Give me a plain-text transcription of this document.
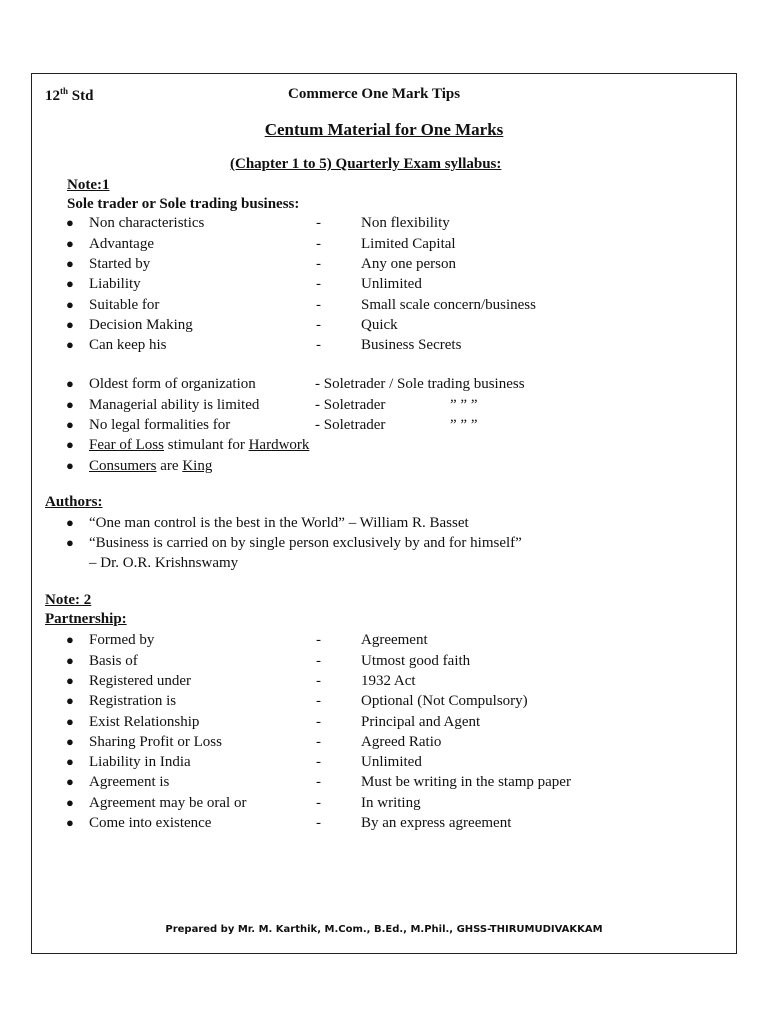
12th Std	Commerce One Mark Tips
Centum Material for One Marks
(Chapter 1 to 5) Quarterly Exam syllabus:
Note:1
Sole trader or Sole trading business:
● Non characteristics	-	Non flexibility
● Advantage	-	Limited Capital
● Started by	-	Any one person
● Liability	-	Unlimited
● Suitable for	-	Small scale concern/business
● Decision Making	-	Quick
● Can keep his	-	Business Secrets
● Oldest form of organization	- Soletrader / Sole trading business
● Managerial ability is limited	- Soletrader	” ” ”
● No legal formalities for	- Soletrader	” ” ”
● Fear of Loss stimulant for Hardwork
● Consumers are King
Authors:
● “One man control is the best in the World” – William R. Basset
● “Business is carried on by single person exclusively by and for himself”
– Dr. O.R. Krishnswamy
Note: 2
Partnership:
● Formed by	-	Agreement
● Basis of	-	Utmost good faith
● Registered under	-	1932 Act
● Registration is	-	Optional (Not Compulsory)
● Exist Relationship	-	Principal and Agent
● Sharing Profit or Loss	-	Agreed Ratio
● Liability in India	-	Unlimited
● Agreement is	-	Must be writing in the stamp paper
● Agreement may be oral or	-	In writing
● Come into existence	-	By an express agreement
Prepared by Mr. M. Karthik, M.Com., B.Ed., M.Phil., GHSS-THIRUMUDIVAKKAM
